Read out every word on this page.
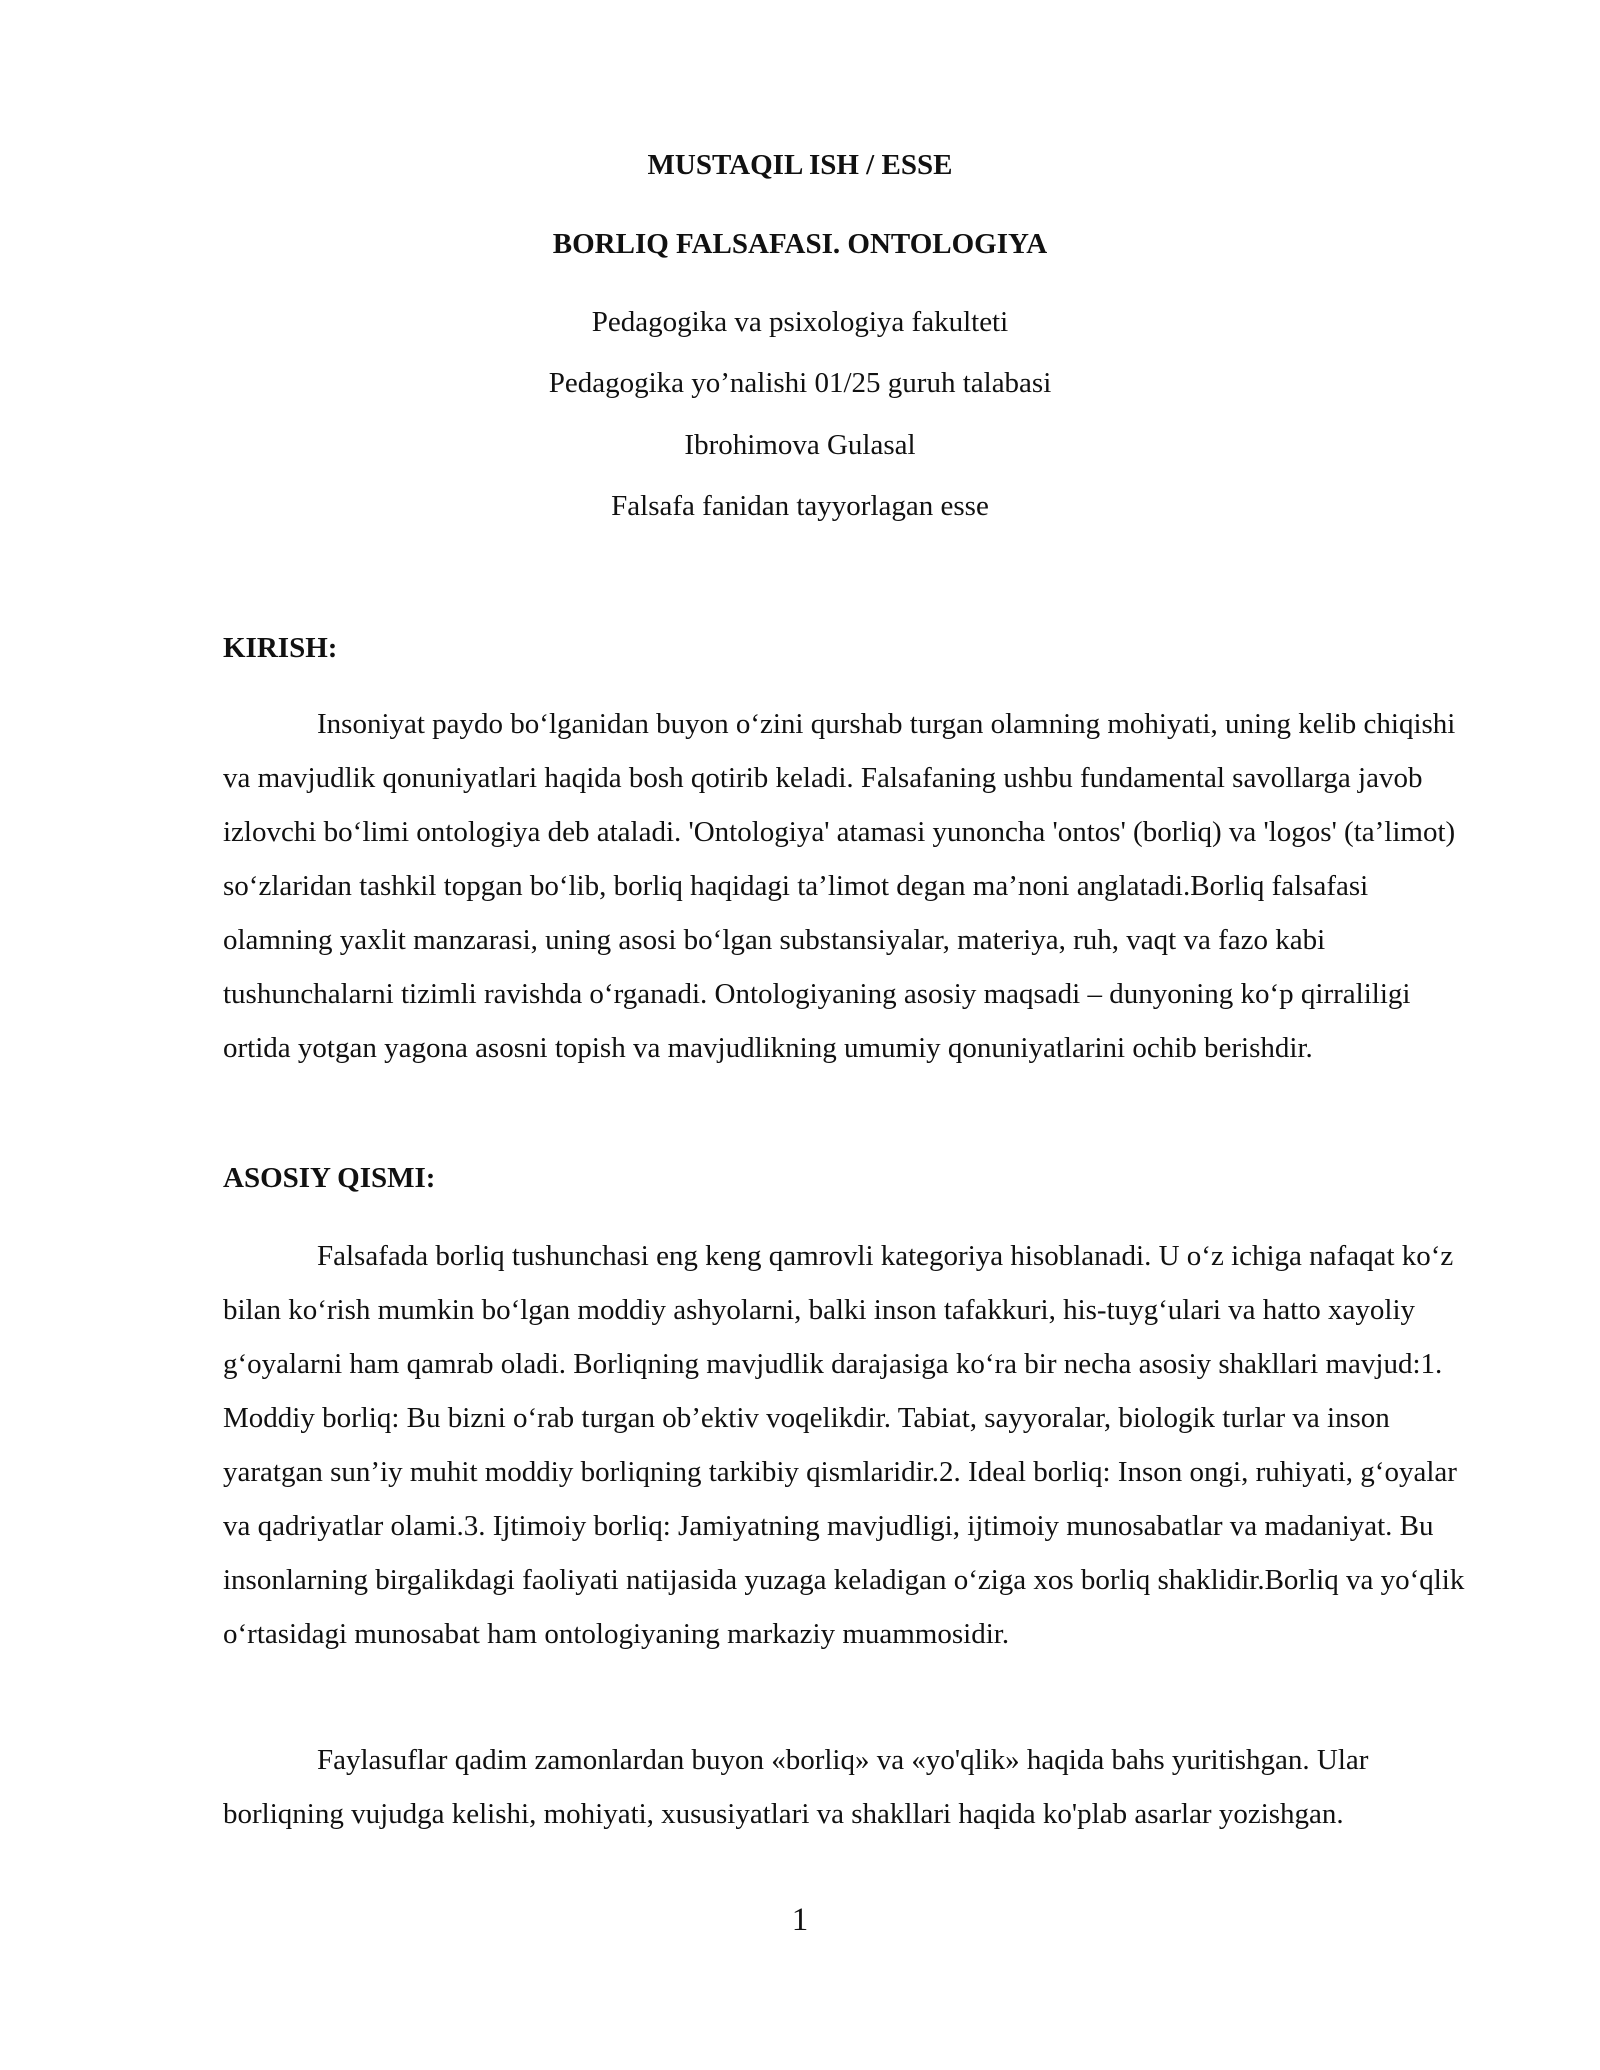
MUSTAQIL ISH / ESSE
BORLIQ FALSAFASI. ONTOLOGIYA
Pedagogika va psixologiya fakulteti
Pedagogika yo’nalishi 01/25 guruh talabasi
Ibrohimova Gulasal
Falsafa fanidan tayyorlagan esse
KIRISH:

Insoniyat paydo bo‘lganidan buyon o‘zini qurshab turgan olamning mohiyati, uning kelib chiqishi va mavjudlik qonuniyatlari haqida bosh qotirib keladi. Falsafaning ushbu fundamental savollarga javob izlovchi bo‘limi ontologiya deb ataladi. 'Ontologiya' atamasi yunoncha 'ontos' (borliq) va 'logos' (ta’limot) so‘zlaridan tashkil topgan bo‘lib, borliq haqidagi ta’limot degan ma’noni anglatadi.Borliq falsafasi olamning yaxlit manzarasi, uning asosi bo‘lgan substansiyalar, materiya, ruh, vaqt va fazo kabi tushunchalarni tizimli ravishda o‘rganadi. Ontologiyaning asosiy maqsadi – dunyoning ko‘p qirraliligi ortida yotgan yagona asosni topish va mavjudlikning umumiy qonuniyatlarini ochib berishdir.

ASOSIY QISMI:

Falsafada borliq tushunchasi eng keng qamrovli kategoriya hisoblanadi. U o‘z ichiga nafaqat ko‘z bilan ko‘rish mumkin bo‘lgan moddiy ashyolarni, balki inson tafakkuri, his-tuyg‘ulari va hatto xayoliy g‘oyalarni ham qamrab oladi. Borliqning mavjudlik darajasiga ko‘ra bir necha asosiy shakllari mavjud:1. Moddiy borliq: Bu bizni o‘rab turgan ob’ektiv voqelikdir. Tabiat, sayyoralar, biologik turlar va inson yaratgan sun’iy muhit moddiy borliqning tarkibiy qismlaridir.2. Ideal borliq: Inson ongi, ruhiyati, g‘oyalar va qadriyatlar olami.3. Ijtimoiy borliq: Jamiyatning mavjudligi, ijtimoiy munosabatlar va madaniyat. Bu insonlarning birgalikdagi faoliyati natijasida yuzaga keladigan o‘ziga xos borliq shaklidir.Borliq va yo‘qlik o‘rtasidagi munosabat ham ontologiyaning markaziy muammosidir.

Faylasuflar qadim zamonlardan buyon «borliq» va «yo'qlik» haqida bahs yuritishgan. Ular borliqning vujudga kelishi, mohiyati, xususiyatlari va shakllari haqida ko'plab asarlar yozishgan.

1
